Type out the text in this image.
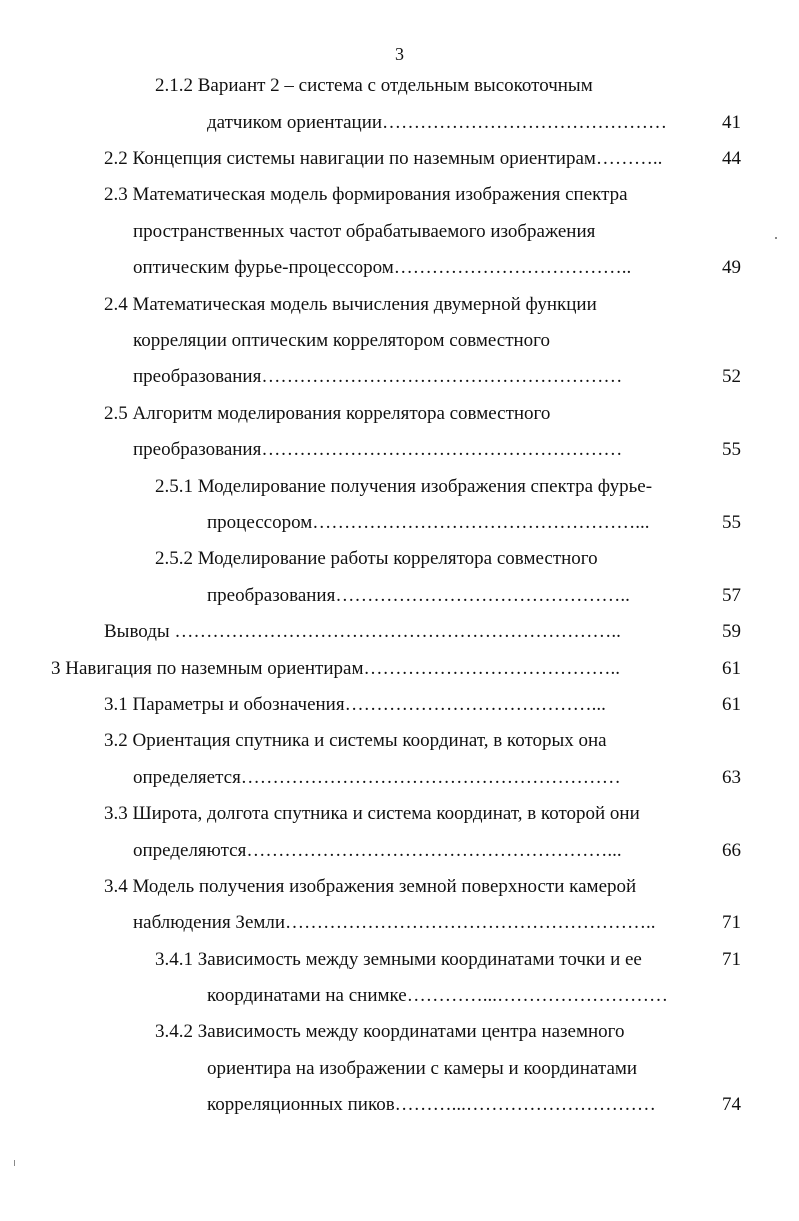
3
2.1.2 Вариант 2 – система с отдельным высокоточным
датчиком ориентации………………………………………	41
2.2 Концепция системы навигации по наземным ориентирам………..	44
2.3 Математическая модель формирования изображения спектра
пространственных частот обрабатываемого изображения
оптическим фурье-процессором………………………………..	49
2.4 Математическая модель вычисления двумерной функции
корреляции оптическим коррелятором совместного
преобразования…………………………………………………	52
2.5 Алгоритм моделирования коррелятора совместного
преобразования…………………………………………………	55
2.5.1 Моделирование получения изображения спектра фурье-
процессором……………………………………………...	55
2.5.2 Моделирование работы коррелятора совместного
преобразования………………………………………..	57
Выводы ……………………………………………………………..	59
3 Навигация по наземным ориентирам…………………………………..	61
3.1 Параметры и обозначения…………………………………...	61
3.2 Ориентация спутника и системы координат, в которых она
определяется……………………………………………………	63
3.3 Широта, долгота спутника и система координат, в которой они
определяются…………………………………………………...	66
3.4 Модель получения изображения земной поверхности камерой
наблюдения Земли…………………………………………………..	71
3.4.1 Зависимость между земными координатами точки и ее	71
координатами на снимке…………...………………………
3.4.2 Зависимость между координатами центра наземного
ориентира на изображении с камеры и координатами
корреляционных пиков………...…………………………	74
